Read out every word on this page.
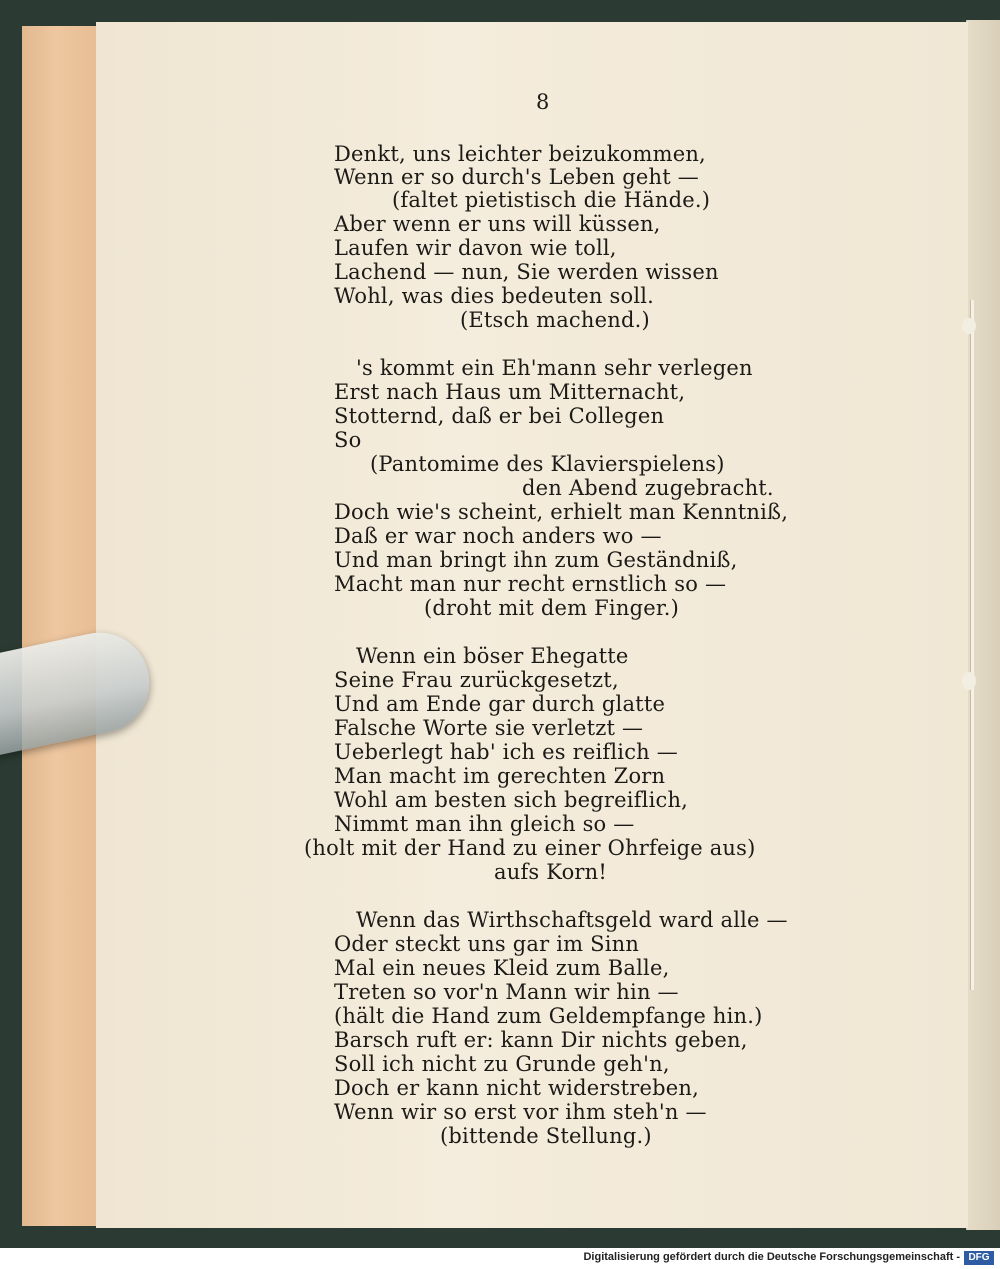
8
Denkt, uns leichter beizukommen,
Wenn er so durch's Leben geht —
(faltet pietistisch die Hände.)
Aber wenn er uns will küssen,
Laufen wir davon wie toll,
Lachend — nun, Sie werden wissen
Wohl, was dies bedeuten soll.
(Etsch machend.)
's kommt ein Eh'mann sehr verlegen
Erst nach Haus um Mitternacht,
Stotternd, daß er bei Collegen
So
(Pantomime des Klavierspielens)
den Abend zugebracht.
Doch wie's scheint, erhielt man Kenntniß,
Daß er war noch anders wo —
Und man bringt ihn zum Geständniß,
Macht man nur recht ernstlich so —
(droht mit dem Finger.)
Wenn ein böser Ehegatte
Seine Frau zurückgesetzt,
Und am Ende gar durch glatte
Falsche Worte sie verletzt —
Ueberlegt hab' ich es reiflich —
Man macht im gerechten Zorn
Wohl am besten sich begreiflich,
Nimmt man ihn gleich so —
(holt mit der Hand zu einer Ohrfeige aus)
aufs Korn!
Wenn das Wirthschaftsgeld ward alle —
Oder steckt uns gar im Sinn
Mal ein neues Kleid zum Balle,
Treten so vor'n Mann wir hin —
(hält die Hand zum Geldempfange hin.)
Barsch ruft er: kann Dir nichts geben,
Soll ich nicht zu Grunde geh'n,
Doch er kann nicht widerstreben,
Wenn wir so erst vor ihm steh'n —
(bittende Stellung.)
Digitalisierung gefördert durch die Deutsche Forschungsgemeinschaft - DFG
